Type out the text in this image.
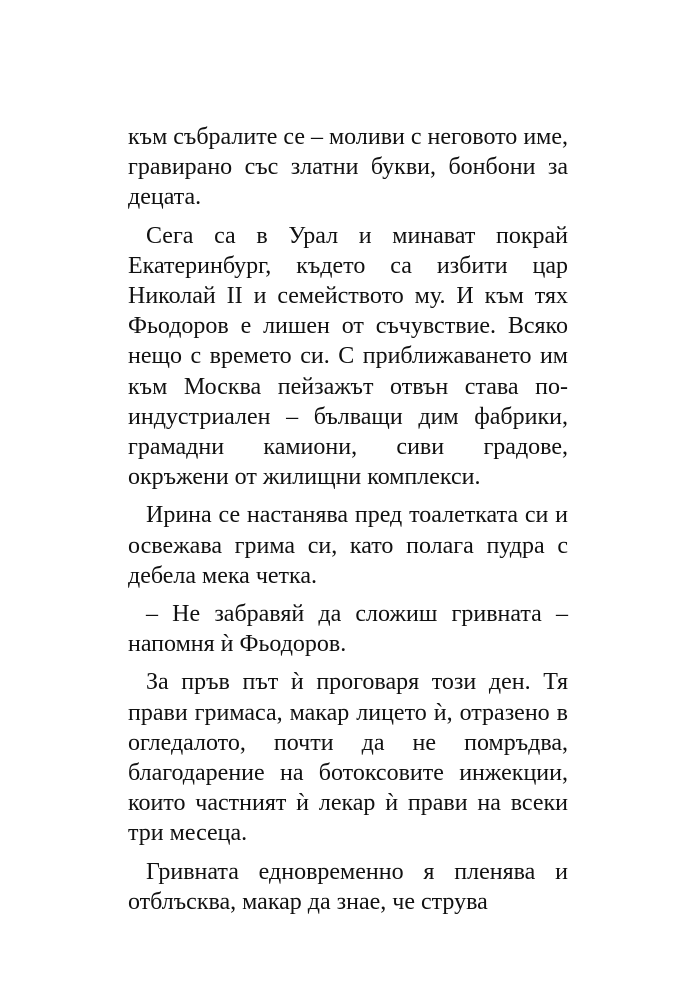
към събралите се – моливи с неговото име, гравирано със златни букви, бонбони за децата.

Сега са в Урал и минават покрай Екатеринбург, където са избити цар Николай II и семейството му. И към тях Фьодоров е лишен от съчувствие. Всяко нещо с времето си. С приближаването им към Москва пейзажът отвън става по-индустриален – бълващи дим фабрики, грамадни камиони, сиви градове, окръжени от жилищни комплекси.

Ирина се настанява пред тоалетката си и освежава грима си, като полага пудра с дебела мека четка.

– Не забравяй да сложиш гривната – напомня ѝ Фьодоров.

За пръв път ѝ проговаря този ден. Тя прави гримаса, макар лицето ѝ, отразено в огледалото, почти да не помръдва, благодарение на ботоксовите инжекции, които частният ѝ лекар ѝ прави на всеки три месеца.

Гривната едновременно я пленява и отблъсква, макар да знае, че струва
